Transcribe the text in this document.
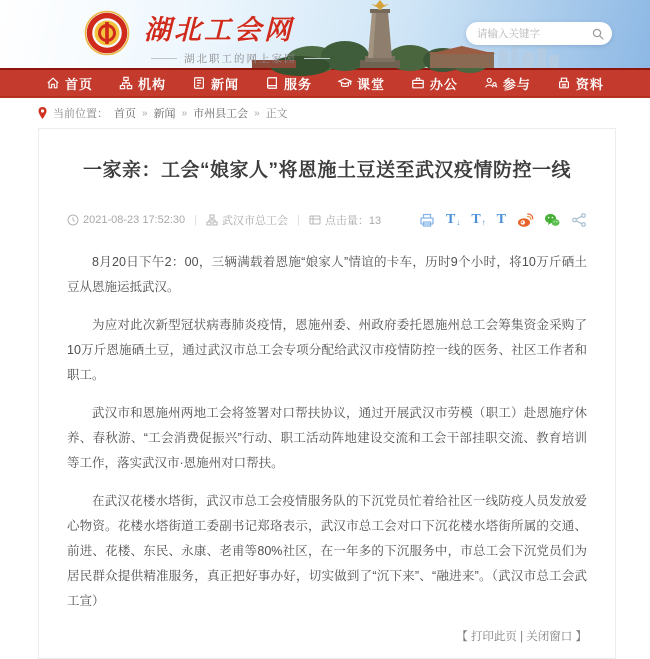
湖北工会网
湖北职工的网上家园
请输入关键字
首页	机构	新闻	服务	课堂	办公	参与	资料
当前位置： 首页 » 新闻 » 市州县工会 » 正文
一家亲：工会“娘家人”将恩施土豆送至武汉疫情防控一线
2021-08-23 17:52:30 | 武汉市总工会 | 点击量：13	T ↓ T ↑ T

8月20日下午2：00，三辆满载着恩施“娘家人”情谊的卡车，历时9个小时，将10万斤硒土豆从恩施运抵武汉。

为应对此次新型冠状病毒肺炎疫情，恩施州委、州政府委托恩施州总工会筹集资金采购了10万斤恩施硒土豆，通过武汉市总工会专项分配给武汉市疫情防控一线的医务、社区工作者和职工。

武汉市和恩施州两地工会将签署对口帮扶协议，通过开展武汉市劳模（职工）赴恩施疗休养、春秋游、“工会消费促振兴”行动、职工活动阵地建设交流和工会干部挂职交流、教育培训等工作，落实武汉市·恩施州对口帮扶。

在武汉花楼水塔街，武汉市总工会疫情服务队的下沉党员忙着给社区一线防疫人员发放爱心物资。花楼水塔街道工委副书记郑珞表示，武汉市总工会对口下沉花楼水塔街所属的交通、前进、花楼、东民、永康、老甫等80%社区，在一年多的下沉服务中，市总工会下沉党员们为居民群众提供精准服务，真正把好事办好，切实做到了“沉下来”、“融进来”。（武汉市总工会武工宣）

【 打印此页 | 关闭窗口 】
